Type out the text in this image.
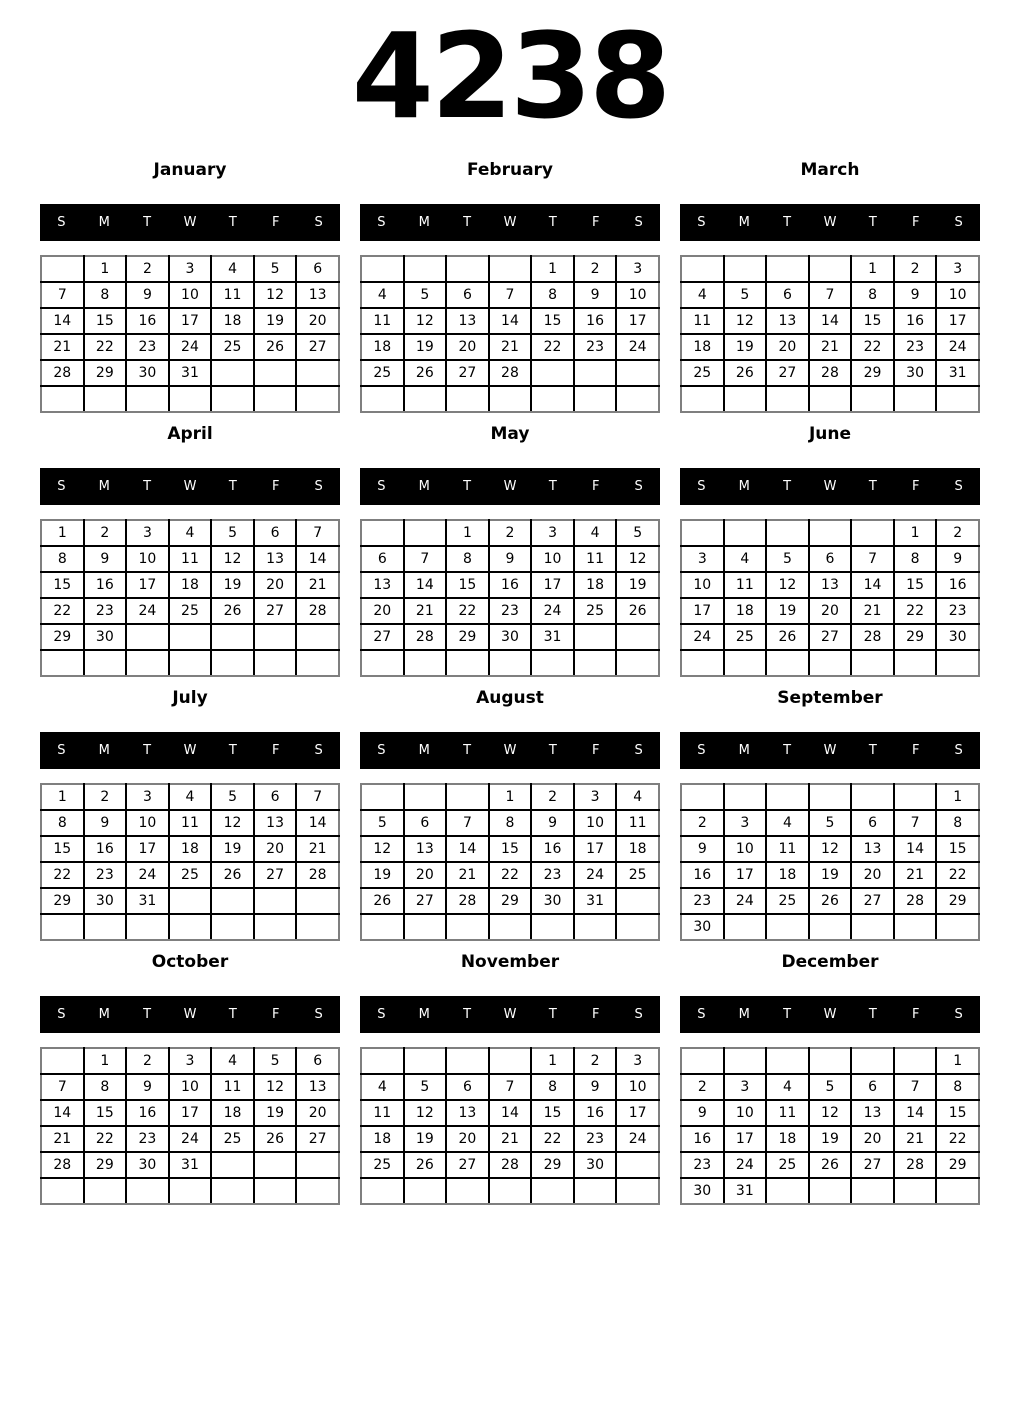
4238
January
S	M	T	W	T	F	S
	1	2	3	4	5	6
7	8	9	10	11	12	13
14	15	16	17	18	19	20
21	22	23	24	25	26	27
28	29	30	31			

February
S	M	T	W	T	F	S
				1	2	3
4	5	6	7	8	9	10
11	12	13	14	15	16	17
18	19	20	21	22	23	24
25	26	27	28			

March
S	M	T	W	T	F	S
				1	2	3
4	5	6	7	8	9	10
11	12	13	14	15	16	17
18	19	20	21	22	23	24
25	26	27	28	29	30	31

April
S	M	T	W	T	F	S
1	2	3	4	5	6	7
8	9	10	11	12	13	14
15	16	17	18	19	20	21
22	23	24	25	26	27	28
29	30					

May
S	M	T	W	T	F	S
		1	2	3	4	5
6	7	8	9	10	11	12
13	14	15	16	17	18	19
20	21	22	23	24	25	26
27	28	29	30	31		

June
S	M	T	W	T	F	S
					1	2
3	4	5	6	7	8	9
10	11	12	13	14	15	16
17	18	19	20	21	22	23
24	25	26	27	28	29	30

July
S	M	T	W	T	F	S
1	2	3	4	5	6	7
8	9	10	11	12	13	14
15	16	17	18	19	20	21
22	23	24	25	26	27	28
29	30	31				

August
S	M	T	W	T	F	S
			1	2	3	4
5	6	7	8	9	10	11
12	13	14	15	16	17	18
19	20	21	22	23	24	25
26	27	28	29	30	31	

September
S	M	T	W	T	F	S
						1
2	3	4	5	6	7	8
9	10	11	12	13	14	15
16	17	18	19	20	21	22
23	24	25	26	27	28	29
30						
October
S	M	T	W	T	F	S
	1	2	3	4	5	6
7	8	9	10	11	12	13
14	15	16	17	18	19	20
21	22	23	24	25	26	27
28	29	30	31			

November
S	M	T	W	T	F	S
				1	2	3
4	5	6	7	8	9	10
11	12	13	14	15	16	17
18	19	20	21	22	23	24
25	26	27	28	29	30	

December
S	M	T	W	T	F	S
						1
2	3	4	5	6	7	8
9	10	11	12	13	14	15
16	17	18	19	20	21	22
23	24	25	26	27	28	29
30	31					
